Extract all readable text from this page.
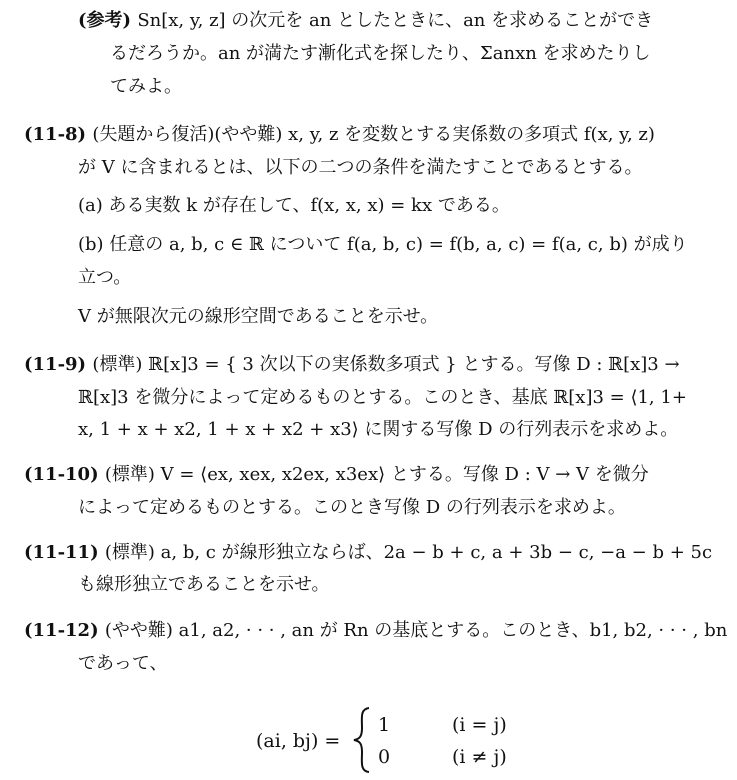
(参考) Sn[x, y, z] の次元を an としたときに、an を求めることができ
るだろうか。an が満たす漸化式を探したり、Σanxn を求めたりし
てみよ。
(11-8) (失題から復活)(やや難) x, y, z を変数とする実係数の多項式 f(x, y, z)
が V に含まれるとは、以下の二つの条件を満たすことであるとする。
(a) ある実数 k が存在して、f(x, x, x) = kx である。
(b) 任意の a, b, c ∈ ℝ について f(a, b, c) = f(b, a, c) = f(a, c, b) が成り
立つ。
V が無限次元の線形空間であることを示せ。
(11-9) (標準) ℝ[x]3 = { 3 次以下の実係数多項式 } とする。写像 D : ℝ[x]3 →
ℝ[x]3 を微分によって定めるものとする。このとき、基底 ℝ[x]3 = ⟨1, 1+
x, 1 + x + x2, 1 + x + x2 + x3⟩ に関する写像 D の行列表示を求めよ。
(11-10) (標準) V = ⟨ex, xex, x2ex, x3ex⟩ とする。写像 D : V → V を微分
によって定めるものとする。このとき写像 D の行列表示を求めよ。
(11-11) (標準) a, b, c が線形独立ならば、2a − b + c, a + 3b − c, −a − b + 5c
も線形独立であることを示せ。
(11-12) (やや難) a1, a2, · · · , an が Rn の基底とする。このとき、b1, b2, · · · , bn
であって、
(ai, bj) =
1	(i = j)
0	(i ≠ j)
